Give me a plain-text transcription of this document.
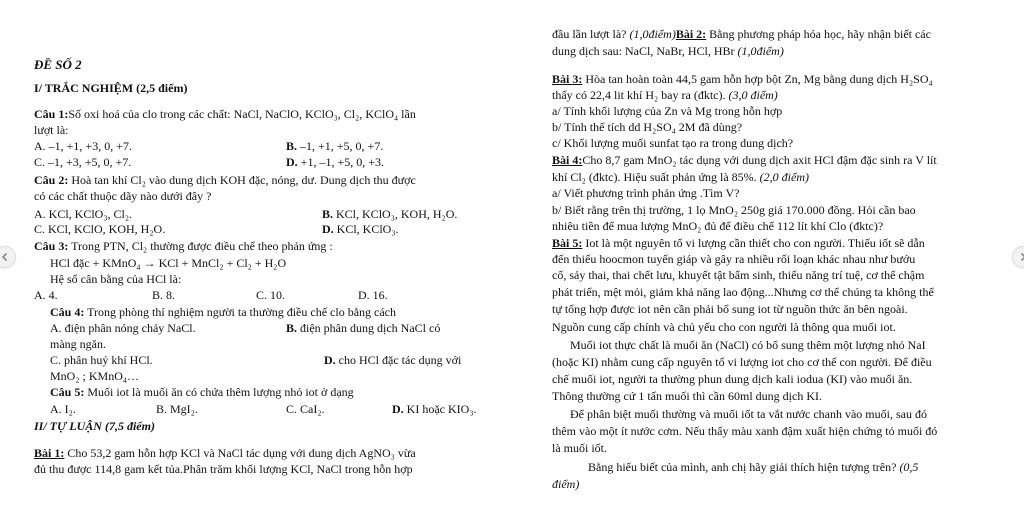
ĐỀ SỐ 2
I/ TRẮC NGHIỆM (2,5 điểm)
Câu 1:Số oxi hoá của clo trong các chất: NaCl, NaClO, KClO₃, Cl₂, KClO₄ lần
lượt là:
A. –1, +1, +3, 0, +7.	B. –1, +1, +5, 0, +7.
C. –1, +3, +5, 0, +7.	D. +1, –1, +5, 0, +3.
Câu 2: Hoà tan khí Cl₂ vào dung dịch KOH đặc, nóng, dư. Dung dịch thu được
có các chất thuộc dãy nào dưới đây ?
A. KCl, KClO₃, Cl₂.	B. KCl, KClO₃, KOH, H₂O.
C. KCl, KClO, KOH, H₂O.	D. KCl, KClO₃.
Câu 3: Trong PTN, Cl₂ thường được điều chế theo phản ứng :
HCl đặc + KMnO₄ → KCl + MnCl₂ + Cl₂ + H₂O
Hệ số cân bằng của HCl là:
A. 4.	B. 8.	C. 10.	D. 16.
Câu 4: Trong phòng thí nghiệm người ta thường điều chế clo bằng cách
A. điện phân nóng chảy NaCl.	B. điện phân dung dịch NaCl có
màng ngăn.
C. phân huỷ khí HCl.	D. cho HCl đặc tác dụng với
MnO₂ ; KMnO₄…
Câu 5: Muối iot là muối ăn có chứa thêm lượng nhỏ iot ở dạng
A. I₂.	B. MgI₂.	C. CaI₂.	D. KI hoặc KIO₃.
II/ TỰ LUẬN (7,5 điểm)
Bài 1: Cho 53,2 gam hỗn hợp KCl và NaCl tác dụng với dung dịch AgNO₃ vừa
đủ thu được 114,8 gam kết tủa.Phân trăm khối lượng KCl, NaCl trong hỗn hợp
đầu lần lượt là? (1,0điểm)Bài 2: Bằng phương pháp hóa học, hãy nhận biết các
dung dịch sau: NaCl, NaBr, HCl, HBr (1,0điểm)
Bài 3: Hòa tan hoàn toàn 44,5 gam hỗn hợp bột Zn, Mg bằng dung dịch H₂SO₄
thấy có 22,4 lit khí H₂ bay ra (đktc). (3,0 điểm)
a/ Tính khối lượng của Zn và Mg trong hỗn hợp
b/ Tính thể tích dd H₂SO₄ 2M đã dùng?
c/ Khối lượng muối sunfat tạo ra trong dung dịch?
Bài 4:Cho 8,7 gam MnO₂ tác dụng với dung dịch axit HCl đậm đặc sinh ra V lít
khí Cl₂ (đktc). Hiệu suất phản ứng là 85%. (2,0 điểm)
a/ Viết phương trình phản ứng .Tìm V?
b/ Biết rằng trên thị trường, 1 lọ MnO₂ 250g giá 170.000 đồng. Hỏi cần bao
nhiêu tiền để mua lượng MnO₂ đủ để điều chế 112 lít khí Clo (đktc)?
Bài 5: Iot là một nguyên tố vi lượng cần thiết cho con người. Thiếu iốt sẽ dẫn
đến thiếu hoocmon tuyến giáp và gây ra nhiều rối loạn khác nhau như bướu
cổ, sảy thai, thai chết lưu, khuyết tật bẩm sinh, thiểu năng trí tuệ, cơ thể chậm
phát triển, mệt mỏi, giảm khả năng lao động...Nhưng cơ thể chúng ta không thể
tự tổng hợp được iot nên cần phải bổ sung iot từ nguồn thức ăn bên ngoài.
Nguồn cung cấp chính và chủ yếu cho con người là thông qua muối iot.
Muối iot thực chất là muối ăn (NaCl) có bổ sung thêm một lượng nhỏ NaI
(hoặc KI) nhằm cung cấp nguyên tố vi lượng iot cho cơ thể con người. Để điều
chế muối iot, người ta thường phun dung dịch kali iodua (KI) vào muối ăn.
Thông thường cứ 1 tấn muối thì cần 60ml dung dịch KI.
Để phân biệt muối thường và muối iốt ta vắt nước chanh vào muối, sau đó
thêm vào một ít nước cơm. Nếu thấy màu xanh đậm xuất hiện chứng tỏ muối đó
là muối iốt.
Bằng hiểu biết của mình, anh chị hãy giải thích hiện tượng trên? (0,5
điểm)
